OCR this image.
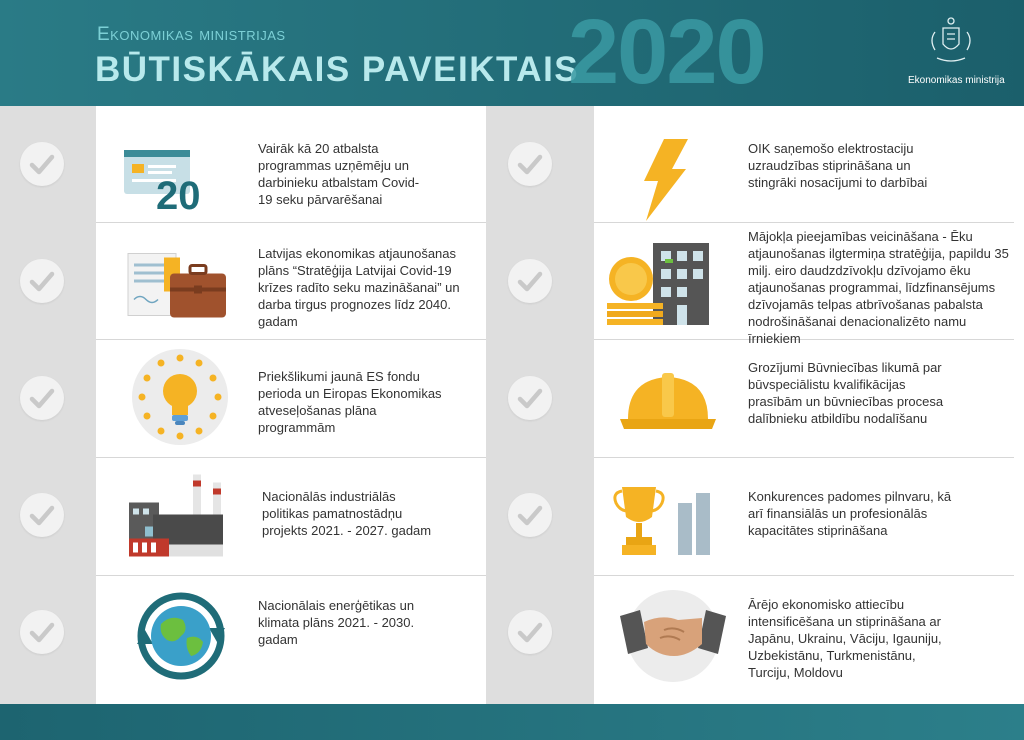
Ekonomikas ministrijas
BŪTISKĀKAIS PAVEIKTAIS
2020	Ekonomikas ministrija
20
Vairāk kā 20 atbalsta programmas uzņēmēju un darbinieku atbalstam Covid-19 seku pārvarēšanai
Latvijas ekonomikas atjaunošanas plāns “Stratēģija Latvijai Covid-19 krīzes radīto seku mazināšanai” un darba tirgus prognozes līdz 2040. gadam
Priekšlikumi jaunā ES fondu perioda un Eiropas Ekonomikas atveseļošanas plāna programmām
Nacionālās industriālās politikas pamatnostādņu projekts 2021. - 2027. gadam
Nacionālais enerģētikas un klimata plāns 2021. - 2030. gadam
OIK saņemošo elektrostaciju uzraudzības stiprināšana un stingrāki nosacījumi to darbībai
Mājokļa pieejamības veicināšana - Ēku atjaunošanas ilgtermiņa stratēģija, papildu 35 milj. eiro daudzdzīvokļu dzīvojamo ēku atjaunošanas programmai, līdzfinansējums dzīvojamās telpas atbrīvošanas pabalsta nodrošināšanai denacionalizēto namu īrniekiem
Grozījumi Būvniecības likumā par būvspeciālistu kvalifikācijas prasībām un būvniecības procesa dalībnieku atbildību nodalīšanu
Konkurences padomes pilnvaru, kā arī finansiālās un profesionālās kapacitātes stiprināšana
Ārējo ekonomisko attiecību intensificēšana un stiprināšana ar Japānu, Ukrainu, Vāciju, Igauniju, Uzbekistānu, Turkmenistānu, Turciju, Moldovu
